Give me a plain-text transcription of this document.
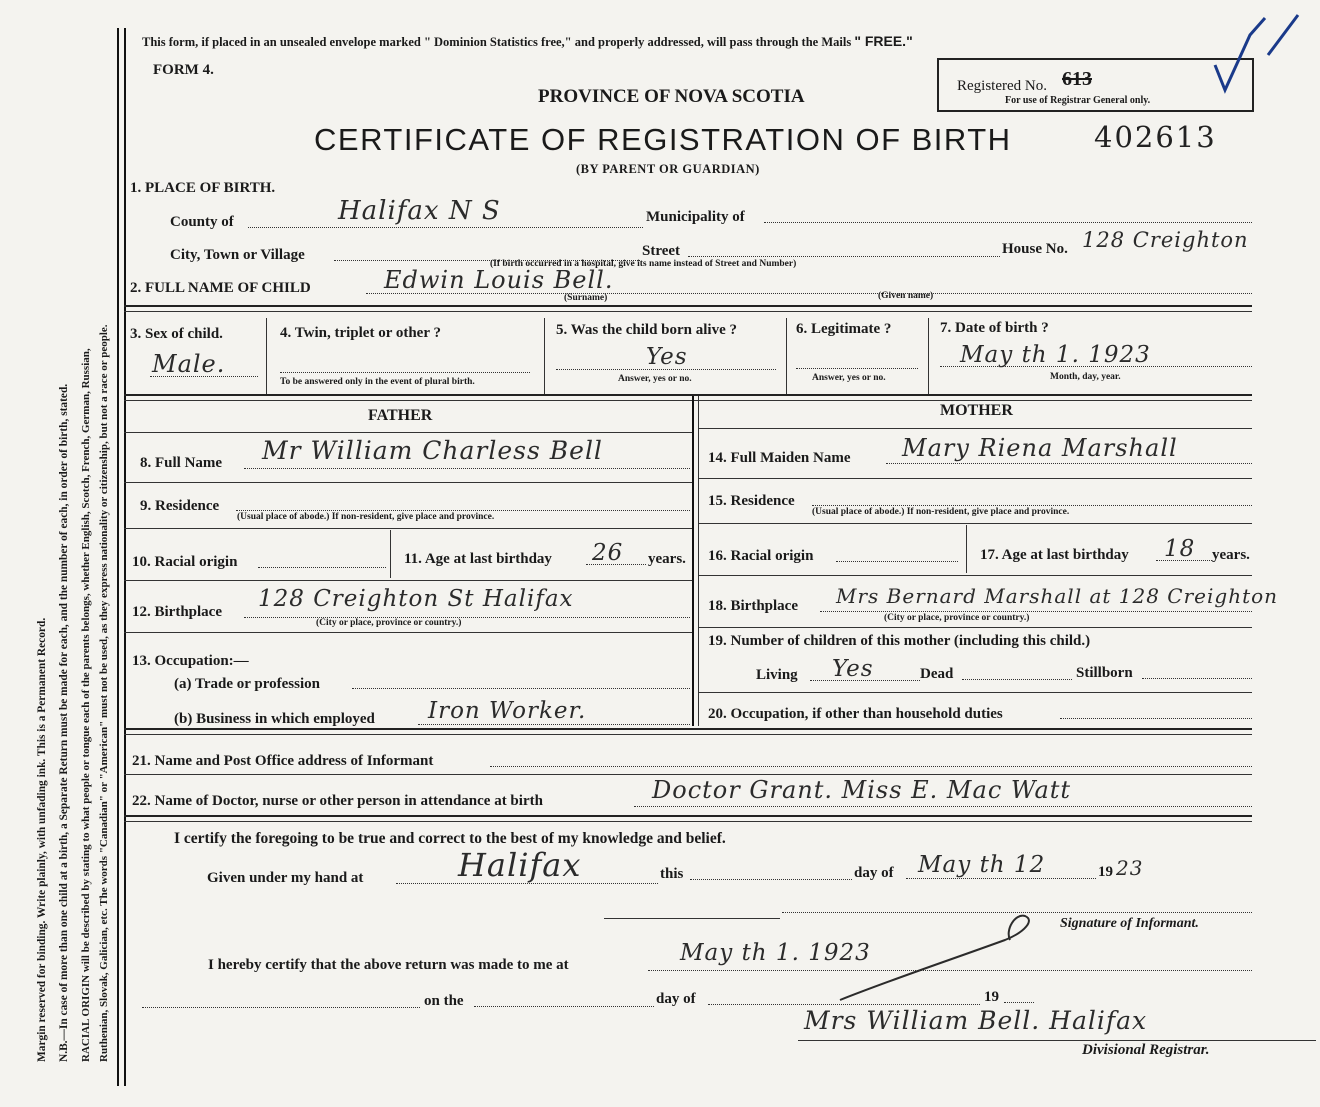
Margin reserved for binding. Write plainly, with unfading ink. This is a Permanent Record. N.B.—In case of more than one child at a birth, a Separate Return must be made for each, and the number of each, in order of birth, stated. RACIAL ORIGIN will be described by stating to what people or tongue each of the parents belongs, whether English, Scotch, French, German, Russian, Ruthenian, Slovak, Galician, etc. The words "Canadian" or "American" must not be used, as they express nationality or citizenship, but not a race or people.
This form, if placed in an unsealed envelope marked " Dominion Statistics free," and properly addressed, will pass through the Mails " FREE."
FORM 4.
PROVINCE OF NOVA SCOTIA	Registered No. 613
For use of Registrar General only.
CERTIFICATE OF REGISTRATION OF BIRTH	402613
(BY PARENT OR GUARDIAN)
1. PLACE OF BIRTH.
County of	Halifax N S	Municipality of
City, Town or Village	Street	House No. 128 Creighton
(If birth occurred in a hospital, give its name instead of Street and Number)
2. FULL NAME OF CHILD	Edwin Louis Bell.
(Surname)	(Given name)
3. Sex of child.
Male.
4. Twin, triplet or other ?
To be answered only in the event of plural birth.
5. Was the child born alive ?
Yes
Answer, yes or no.
6. Legitimate ?
Answer, yes or no.
7. Date of birth ?
May th 1. 1923
Month, day, year.
FATHER	MOTHER
8. Full Name Mr William Charless Bell
9. Residence
(Usual place of abode.) If non-resident, give place and province.
10. Racial origin	11. Age at last birthday 26 years.
12. Birthplace 128 Creighton St Halifax
(City or place, province or country.)
13. Occupation:—
(a) Trade or profession
(b) Business in which employed Iron Worker.
14. Full Maiden Name Mary Riena Marshall
15. Residence
(Usual place of abode.) If non-resident, give place and province.
16. Racial origin	17. Age at last birthday 18 years.
18. Birthplace Mrs Bernard Marshall at 128 Creighton
(City or place, province or country.)
19. Number of children of this mother (including this child.)
Living Yes	Dead	Stillborn
20. Occupation, if other than household duties
21. Name and Post Office address of Informant
22. Name of Doctor, nurse or other person in attendance at birth	Doctor Grant. Miss E. Mac Watt
I certify the foregoing to be true and correct to the best of my knowledge and belief.
Given under my hand at	Halifax	this	day of May th 12	19 23
Signature of Informant.
I hereby certify that the above return was made to me at	May th 1. 1923
on the	day of	19
Mrs William Bell. Halifax
Divisional Registrar.
